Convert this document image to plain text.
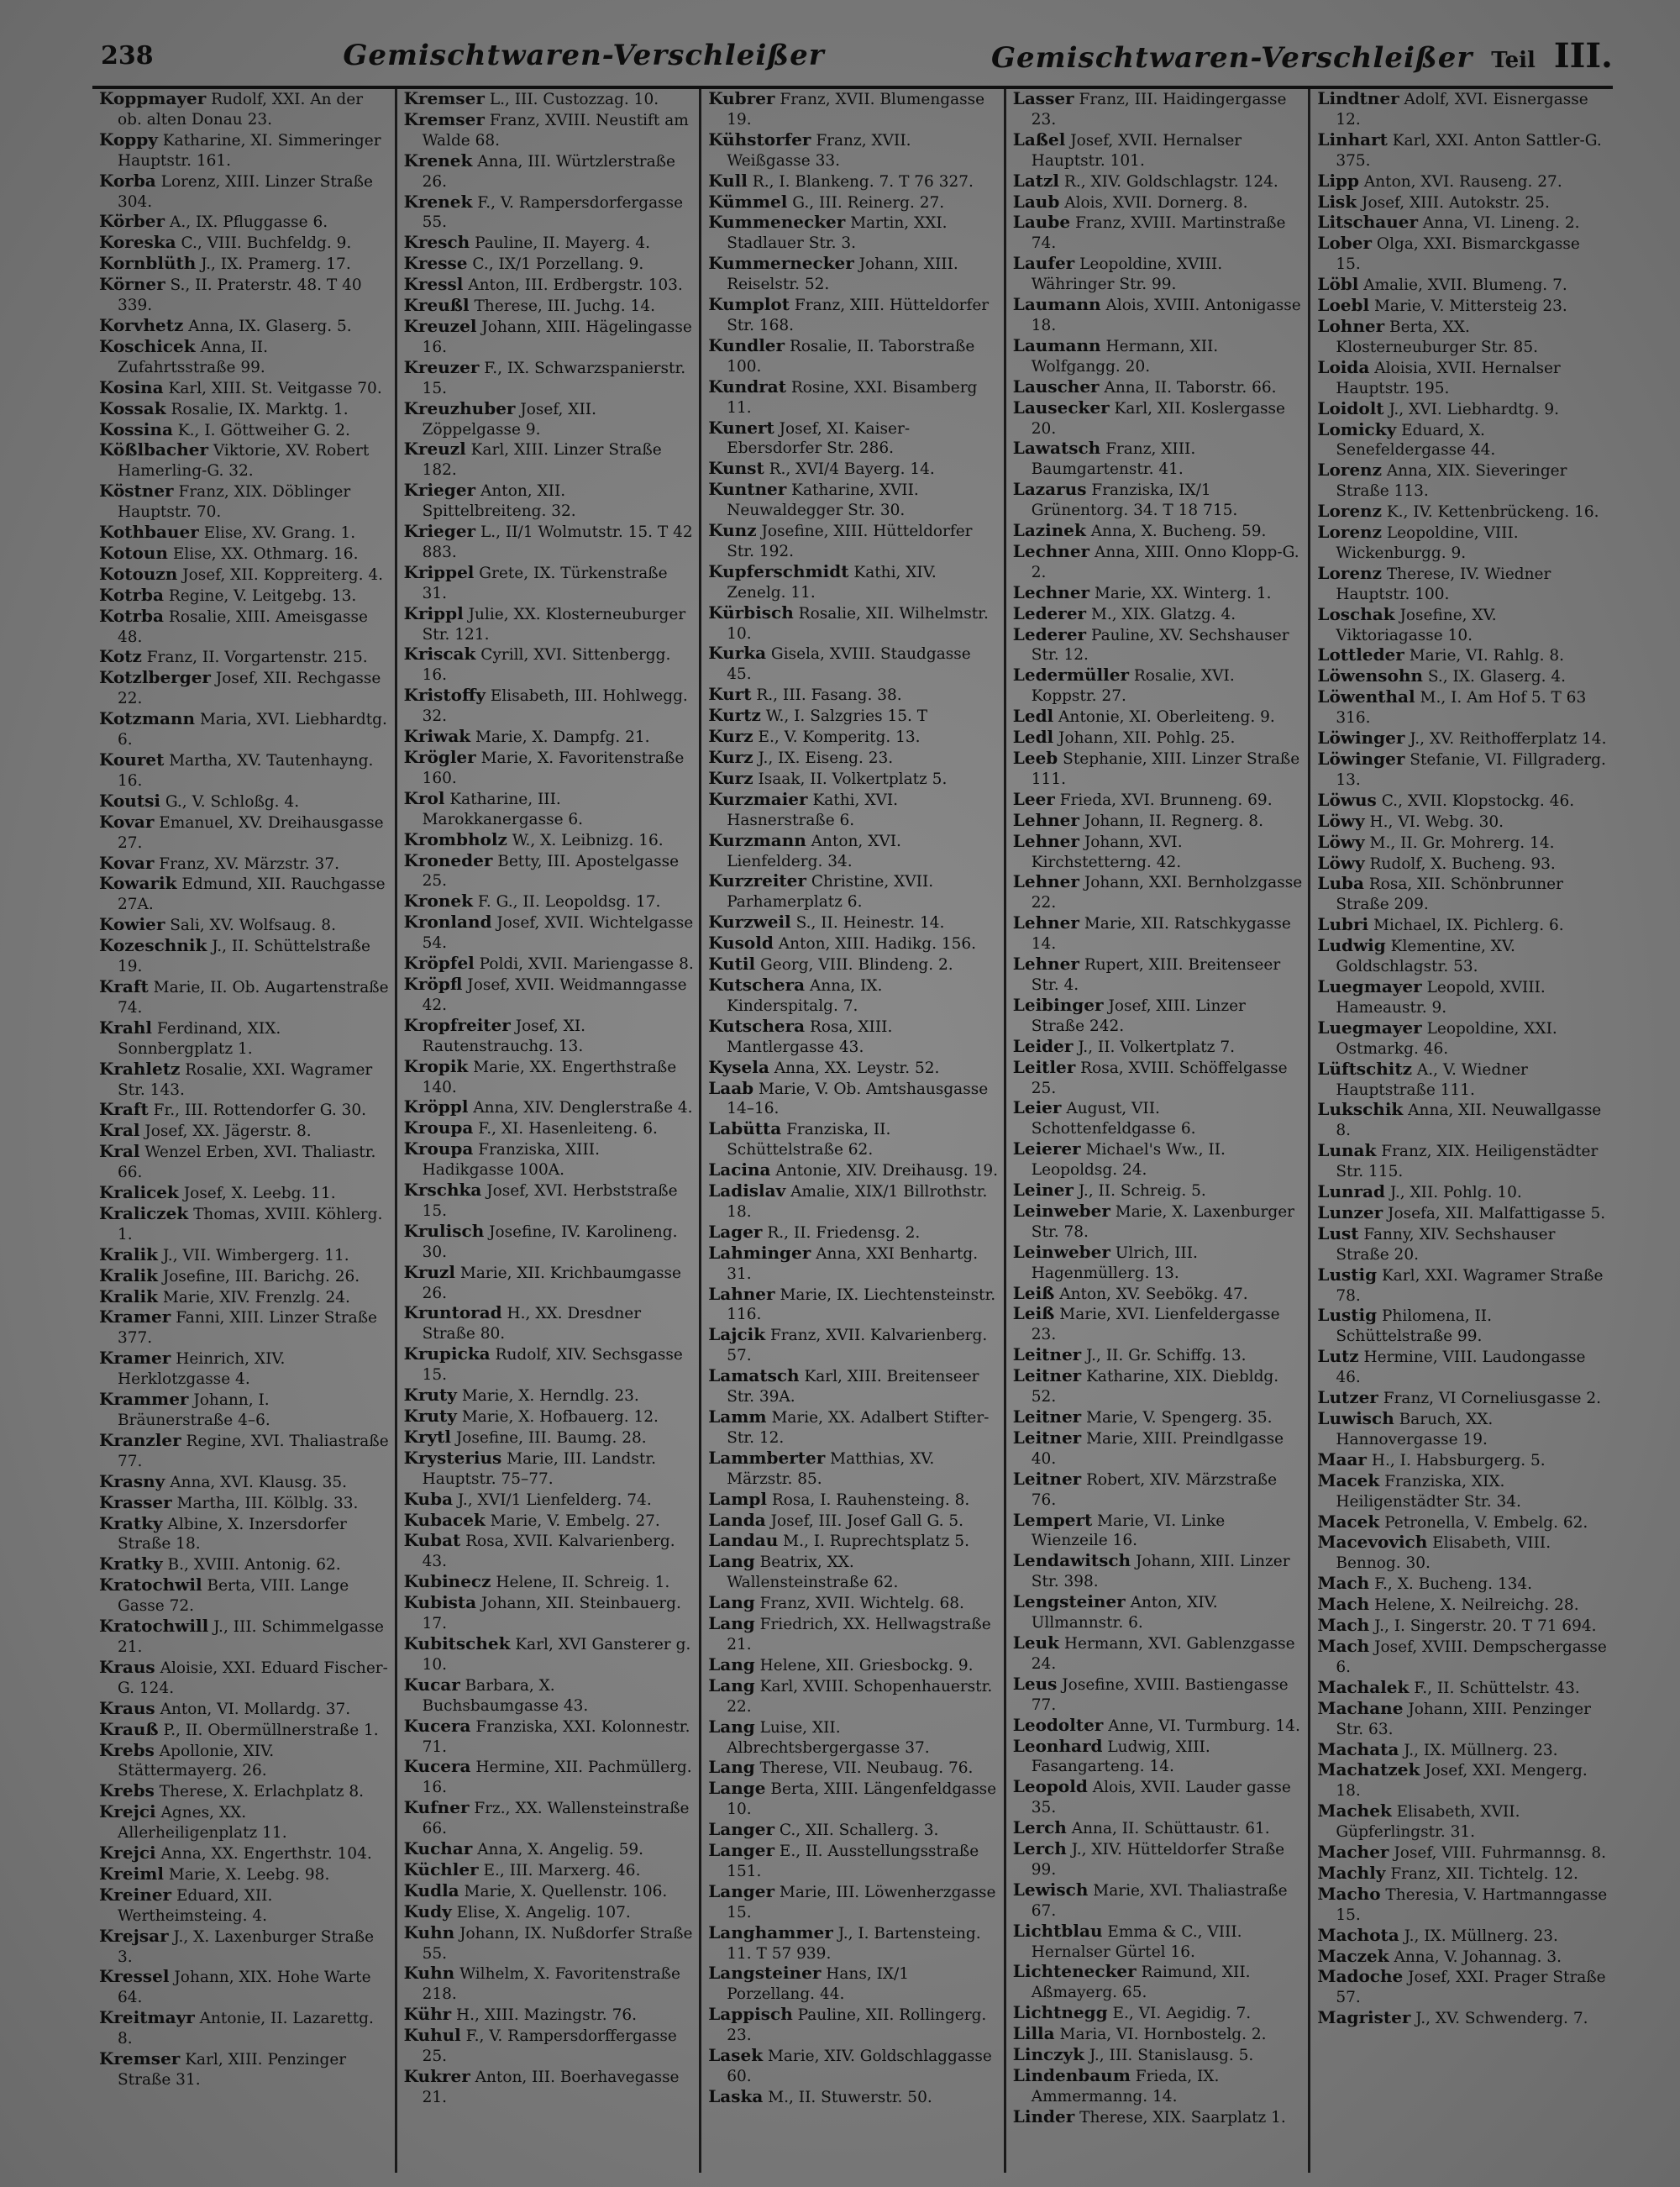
238	Gemischtwaren-Verschleißer	Gemischtwaren-Verschleißer Teil III.
Koppmayer Rudolf, XXI. An der ob. alten Donau 23.
Koppy Katharine, XI. Simmeringer Hauptstr. 161.
Korba Lorenz, XIII. Linzer Straße 304.
Körber A., IX. Pfluggasse 6.
Koreska C., VIII. Buchfeldg. 9.
Kornblüth J., IX. Pramerg. 17.
Körner S., II. Praterstr. 48. T 40 339.
Korvhetz Anna, IX. Glaserg. 5.
Koschicek Anna, II. Zufahrtsstraße 99.
Kosina Karl, XIII. St. Veitgasse 70.
Kossak Rosalie, IX. Marktg. 1.
Kossina K., I. Göttweiher G. 2.
Kößlbacher Viktorie, XV. Robert Hamerling-G. 32.
Köstner Franz, XIX. Döblinger Hauptstr. 70.
Kothbauer Elise, XV. Grang. 1.
Kotoun Elise, XX. Othmarg. 16.
Kotouzn Josef, XII. Koppreiterg. 4.
Kotrba Regine, V. Leitgebg. 13.
Kotrba Rosalie, XIII. Ameisgasse 48.
Kotz Franz, II. Vorgartenstr. 215.
Kotzlberger Josef, XII. Rechgasse 22.
Kotzmann Maria, XVI. Liebhardtg. 6.
Kouret Martha, XV. Tautenhayng. 16.
Koutsi G., V. Schloßg. 4.
Kovar Emanuel, XV. Dreihausgasse 27.
Kovar Franz, XV. Märzstr. 37.
Kowarik Edmund, XII. Rauchgasse 27A.
Kowier Sali, XV. Wolfsaug. 8.
Kozeschnik J., II. Schüttelstraße 19.
Kraft Marie, II. Ob. Augartenstraße 74.
Krahl Ferdinand, XIX. Sonnbergplatz 1.
Krahletz Rosalie, XXI. Wagramer Str. 143.
Kraft Fr., III. Rottendorfer G. 30.
Kral Josef, XX. Jägerstr. 8.
Kral Wenzel Erben, XVI. Thaliastr. 66.
Kralicek Josef, X. Leebg. 11.
Kraliczek Thomas, XVIII. Köhlerg. 1.
Kralik J., VII. Wimbergerg. 11.
Kralik Josefine, III. Barichg. 26.
Kralik Marie, XIV. Frenzlg. 24.
Kramer Fanni, XIII. Linzer Straße 377.
Kramer Heinrich, XIV. Herklotzgasse 4.
Krammer Johann, I. Bräunerstraße 4–6.
Kranzler Regine, XVI. Thaliastraße 77.
Krasny Anna, XVI. Klausg. 35.
Krasser Martha, III. Kölblg. 33.
Kratky Albine, X. Inzersdorfer Straße 18.
Kratky B., XVIII. Antonig. 62.
Kratochwil Berta, VIII. Lange Gasse 72.
Kratochwill J., III. Schimmelgasse 21.
Kraus Aloisie, XXI. Eduard Fischer-G. 124.
Kraus Anton, VI. Mollardg. 37.
Krauß P., II. Obermüllnerstraße 1.
Krebs Apollonie, XIV. Stättermayerg. 26.
Krebs Therese, X. Erlachplatz 8.
Krejci Agnes, XX. Allerheiligenplatz 11.
Krejci Anna, XX. Engerthstr. 104.
Kreiml Marie, X. Leebg. 98.
Kreiner Eduard, XII. Wertheimsteing. 4.
Krejsar J., X. Laxenburger Straße 3.
Kressel Johann, XIX. Hohe Warte 64.
Kreitmayr Antonie, II. Lazarettg. 8.
Kremser Karl, XIII. Penzinger Straße 31.
Kremser L., III. Custozzag. 10.
Kremser Franz, XVIII. Neustift am Walde 68.
Krenek Anna, III. Würtzlerstraße 26.
Krenek F., V. Rampersdorfergasse 55.
Kresch Pauline, II. Mayerg. 4.
Kresse C., IX/1 Porzellang. 9.
Kressl Anton, III. Erdbergstr. 103.
Kreußl Therese, III. Juchg. 14.
Kreuzel Johann, XIII. Hägelingasse 16.
Kreuzer F., IX. Schwarzspanierstr. 15.
Kreuzhuber Josef, XII. Zöppelgasse 9.
Kreuzl Karl, XIII. Linzer Straße 182.
Krieger Anton, XII. Spittelbreiteng. 32.
Krieger L., II/1 Wolmutstr. 15. T 42 883.
Krippel Grete, IX. Türkenstraße 31.
Krippl Julie, XX. Klosterneuburger Str. 121.
Kriscak Cyrill, XVI. Sittenbergg. 16.
Kristoffy Elisabeth, III. Hohlwegg. 32.
Kriwak Marie, X. Dampfg. 21.
Krögler Marie, X. Favoritenstraße 160.
Krol Katharine, III. Marokkanergasse 6.
Krombholz W., X. Leibnizg. 16.
Kroneder Betty, III. Apostelgasse 25.
Kronek F. G., II. Leopoldsg. 17.
Kronland Josef, XVII. Wichtelgasse 54.
Kröpfel Poldi, XVII. Mariengasse 8.
Kröpfl Josef, XVII. Weidmanngasse 42.
Kropfreiter Josef, XI. Rautenstrauchg. 13.
Kropik Marie, XX. Engerthstraße 140.
Kröppl Anna, XIV. Denglerstraße 4.
Kroupa F., XI. Hasenleiteng. 6.
Kroupa Franziska, XIII. Hadikgasse 100A.
Krschka Josef, XVI. Herbststraße 15.
Krulisch Josefine, IV. Karolineng. 30.
Kruzl Marie, XII. Krichbaumgasse 26.
Kruntorad H., XX. Dresdner Straße 80.
Krupicka Rudolf, XIV. Sechsgasse 15.
Kruty Marie, X. Herndlg. 23.
Kruty Marie, X. Hofbauerg. 12.
Krytl Josefine, III. Baumg. 28.
Krysterius Marie, III. Landstr. Hauptstr. 75–77.
Kuba J., XVI/1 Lienfelderg. 74.
Kubacek Marie, V. Embelg. 27.
Kubat Rosa, XVII. Kalvarienberg. 43.
Kubinecz Helene, II. Schreig. 1.
Kubista Johann, XII. Steinbauerg. 17.
Kubitschek Karl, XVI Gansterer g. 10.
Kucar Barbara, X. Buchsbaumgasse 43.
Kucera Franziska, XXI. Kolonnestr. 71.
Kucera Hermine, XII. Pachmüllerg. 16.
Kufner Frz., XX. Wallensteinstraße 66.
Kuchar Anna, X. Angelig. 59.
Küchler E., III. Marxerg. 46.
Kudla Marie, X. Quellenstr. 106.
Kudy Elise, X. Angelig. 107.
Kuhn Johann, IX. Nußdorfer Straße 55.
Kuhn Wilhelm, X. Favoritenstraße 218.
Kühr H., XIII. Mazingstr. 76.
Kuhul F., V. Rampersdorffergasse 25.
Kukrer Anton, III. Boerhavegasse 21.
Kubrer Franz, XVII. Blumengasse 19.
Kühstorfer Franz, XVII. Weißgasse 33.
Kull R., I. Blankeng. 7. T 76 327.
Kümmel G., III. Reinerg. 27.
Kummenecker Martin, XXI. Stadlauer Str. 3.
Kummernecker Johann, XIII. Reiselstr. 52.
Kumplot Franz, XIII. Hütteldorfer Str. 168.
Kundler Rosalie, II. Taborstraße 100.
Kundrat Rosine, XXI. Bisamberg 11.
Kunert Josef, XI. Kaiser-Ebersdorfer Str. 286.
Kunst R., XVI/4 Bayerg. 14.
Kuntner Katharine, XVII. Neuwaldegger Str. 30.
Kunz Josefine, XIII. Hütteldorfer Str. 192.
Kupferschmidt Kathi, XIV. Zenelg. 11.
Kürbisch Rosalie, XII. Wilhelmstr. 10.
Kurka Gisela, XVIII. Staudgasse 45.
Kurt R., III. Fasang. 38.
Kurtz W., I. Salzgries 15. T
Kurz E., V. Komperitg. 13.
Kurz J., IX. Eiseng. 23.
Kurz Isaak, II. Volkertplatz 5.
Kurzmaier Kathi, XVI. Hasnerstraße 6.
Kurzmann Anton, XVI. Lienfelderg. 34.
Kurzreiter Christine, XVII. Parhamerplatz 6.
Kurzweil S., II. Heinestr. 14.
Kusold Anton, XIII. Hadikg. 156.
Kutil Georg, VIII. Blindeng. 2.
Kutschera Anna, IX. Kinderspitalg. 7.
Kutschera Rosa, XIII. Mantlergasse 43.
Kysela Anna, XX. Leystr. 52.
Laab Marie, V. Ob. Amtshausgasse 14–16.
Labütta Franziska, II. Schüttelstraße 62.
Lacina Antonie, XIV. Dreihausg. 19.
Ladislav Amalie, XIX/1 Billrothstr. 18.
Lager R., II. Friedensg. 2.
Lahminger Anna, XXI Benhartg. 31.
Lahner Marie, IX. Liechtensteinstr. 116.
Lajcik Franz, XVII. Kalvarienberg. 57.
Lamatsch Karl, XIII. Breitenseer Str. 39A.
Lamm Marie, XX. Adalbert Stifter-Str. 12.
Lammberter Matthias, XV. Märzstr. 85.
Lampl Rosa, I. Rauhensteing. 8.
Landa Josef, III. Josef Gall G. 5.
Landau M., I. Ruprechtsplatz 5.
Lang Beatrix, XX. Wallensteinstraße 62.
Lang Franz, XVII. Wichtelg. 68.
Lang Friedrich, XX. Hellwagstraße 21.
Lang Helene, XII. Griesbockg. 9.
Lang Karl, XVIII. Schopenhauerstr. 22.
Lang Luise, XII. Albrechtsbergergasse 37.
Lang Therese, VII. Neubaug. 76.
Lange Berta, XIII. Längenfeldgasse 10.
Langer C., XII. Schallerg. 3.
Langer E., II. Ausstellungsstraße 151.
Langer Marie, III. Löwenherzgasse 15.
Langhammer J., I. Bartensteing. 11. T 57 939.
Langsteiner Hans, IX/1 Porzellang. 44.
Lappisch Pauline, XII. Rollingerg. 23.
Lasek Marie, XIV. Goldschlaggasse 60.
Laska M., II. Stuwerstr. 50.
Lasser Franz, III. Haidingergasse 23.
Laßel Josef, XVII. Hernalser Hauptstr. 101.
Latzl R., XIV. Goldschlagstr. 124.
Laub Alois, XVII. Dornerg. 8.
Laube Franz, XVIII. Martinstraße 74.
Laufer Leopoldine, XVIII. Währinger Str. 99.
Laumann Alois, XVIII. Antonigasse 18.
Laumann Hermann, XII. Wolfgangg. 20.
Lauscher Anna, II. Taborstr. 66.
Lausecker Karl, XII. Koslergasse 20.
Lawatsch Franz, XIII. Baumgartenstr. 41.
Lazarus Franziska, IX/1 Grünentorg. 34. T 18 715.
Lazinek Anna, X. Bucheng. 59.
Lechner Anna, XIII. Onno Klopp-G. 2.
Lechner Marie, XX. Winterg. 1.
Lederer M., XIX. Glatzg. 4.
Lederer Pauline, XV. Sechshauser Str. 12.
Ledermüller Rosalie, XVI. Koppstr. 27.
Ledl Antonie, XI. Oberleiteng. 9.
Ledl Johann, XII. Pohlg. 25.
Leeb Stephanie, XIII. Linzer Straße 111.
Leer Frieda, XVI. Brunneng. 69.
Lehner Johann, II. Regnerg. 8.
Lehner Johann, XVI. Kirchstetterng. 42.
Lehner Johann, XXI. Bernholzgasse 22.
Lehner Marie, XII. Ratschkygasse 14.
Lehner Rupert, XIII. Breitenseer Str. 4.
Leibinger Josef, XIII. Linzer Straße 242.
Leider J., II. Volkertplatz 7.
Leitler Rosa, XVIII. Schöffelgasse 25.
Leier August, VII. Schottenfeldgasse 6.
Leierer Michael's Ww., II. Leopoldsg. 24.
Leiner J., II. Schreig. 5.
Leinweber Marie, X. Laxenburger Str. 78.
Leinweber Ulrich, III. Hagenmüllerg. 13.
Leiß Anton, XV. Seebökg. 47.
Leiß Marie, XVI. Lienfeldergasse 23.
Leitner J., II. Gr. Schiffg. 13.
Leitner Katharine, XIX. Diebldg. 52.
Leitner Marie, V. Spengerg. 35.
Leitner Marie, XIII. Preindlgasse 40.
Leitner Robert, XIV. Märzstraße 76.
Lempert Marie, VI. Linke Wienzeile 16.
Lendawitsch Johann, XIII. Linzer Str. 398.
Lengsteiner Anton, XIV. Ullmannstr. 6.
Leuk Hermann, XVI. Gablenzgasse 24.
Leus Josefine, XVIII. Bastiengasse 77.
Leodolter Anne, VI. Turmburg. 14.
Leonhard Ludwig, XIII. Fasangarteng. 14.
Leopold Alois, XVII. Lauder gasse 35.
Lerch Anna, II. Schüttaustr. 61.
Lerch J., XIV. Hütteldorfer Straße 99.
Lewisch Marie, XVI. Thaliastraße 67.
Lichtblau Emma & C., VIII. Hernalser Gürtel 16.
Lichtenecker Raimund, XII. Aßmayerg. 65.
Lichtnegg E., VI. Aegidig. 7.
Lilla Maria, VI. Hornbostelg. 2.
Linczyk J., III. Stanislausg. 5.
Lindenbaum Frieda, IX. Ammermanng. 14.
Linder Therese, XIX. Saarplatz 1.
Lindtner Adolf, XVI. Eisnergasse 12.
Linhart Karl, XXI. Anton Sattler-G. 375.
Lipp Anton, XVI. Rauseng. 27.
Lisk Josef, XIII. Autokstr. 25.
Litschauer Anna, VI. Lineng. 2.
Lober Olga, XXI. Bismarckgasse 15.
Löbl Amalie, XVII. Blumeng. 7.
Loebl Marie, V. Mittersteig 23.
Lohner Berta, XX. Klosterneuburger Str. 85.
Loida Aloisia, XVII. Hernalser Hauptstr. 195.
Loidolt J., XVI. Liebhardtg. 9.
Lomicky Eduard, X. Senefeldergasse 44.
Lorenz Anna, XIX. Sieveringer Straße 113.
Lorenz K., IV. Kettenbrückeng. 16.
Lorenz Leopoldine, VIII. Wickenburgg. 9.
Lorenz Therese, IV. Wiedner Hauptstr. 100.
Loschak Josefine, XV. Viktoriagasse 10.
Lottleder Marie, VI. Rahlg. 8.
Löwensohn S., IX. Glaserg. 4.
Löwenthal M., I. Am Hof 5. T 63 316.
Löwinger J., XV. Reithofferplatz 14.
Löwinger Stefanie, VI. Fillgraderg. 13.
Löwus C., XVII. Klopstockg. 46.
Löwy H., VI. Webg. 30.
Löwy M., II. Gr. Mohrerg. 14.
Löwy Rudolf, X. Bucheng. 93.
Luba Rosa, XII. Schönbrunner Straße 209.
Lubri Michael, IX. Pichlerg. 6.
Ludwig Klementine, XV. Goldschlagstr. 53.
Luegmayer Leopold, XVIII. Hameaustr. 9.
Luegmayer Leopoldine, XXI. Ostmarkg. 46.
Lüftschitz A., V. Wiedner Hauptstraße 111.
Lukschik Anna, XII. Neuwallgasse 8.
Lunak Franz, XIX. Heiligenstädter Str. 115.
Lunrad J., XII. Pohlg. 10.
Lunzer Josefa, XII. Malfattigasse 5.
Lust Fanny, XIV. Sechshauser Straße 20.
Lustig Karl, XXI. Wagramer Straße 78.
Lustig Philomena, II. Schüttelstraße 99.
Lutz Hermine, VIII. Laudongasse 46.
Lutzer Franz, VI Corneliusgasse 2.
Luwisch Baruch, XX. Hannovergasse 19.
Maar H., I. Habsburgerg. 5.
Macek Franziska, XIX. Heiligenstädter Str. 34.
Macek Petronella, V. Embelg. 62.
Macevovich Elisabeth, VIII. Bennog. 30.
Mach F., X. Bucheng. 134.
Mach Helene, X. Neilreichg. 28.
Mach J., I. Singerstr. 20. T 71 694.
Mach Josef, XVIII. Dempschergasse 6.
Machalek F., II. Schüttelstr. 43.
Machane Johann, XIII. Penzinger Str. 63.
Machata J., IX. Müllnerg. 23.
Machatzek Josef, XXI. Mengerg. 18.
Machek Elisabeth, XVII. Güpferlingstr. 31.
Macher Josef, VIII. Fuhrmannsg. 8.
Machly Franz, XII. Tichtelg. 12.
Macho Theresia, V. Hartmanngasse 15.
Machota J., IX. Müllnerg. 23.
Maczek Anna, V. Johannag. 3.
Madoche Josef, XXI. Prager Straße 57.
Magrister J., XV. Schwenderg. 7.
